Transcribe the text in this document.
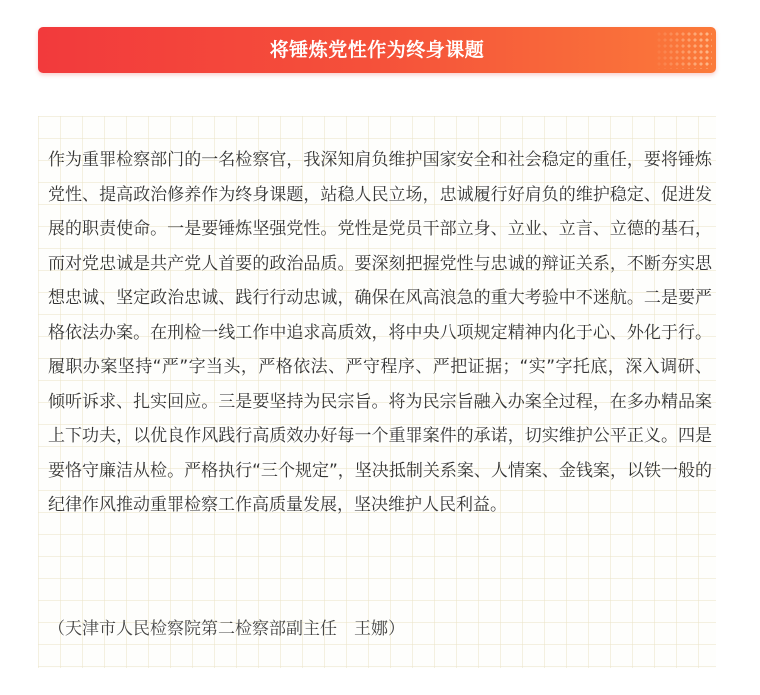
将锤炼党性作为终身课题

作为重罪检察部门的一名检察官，我深知肩负维护国家安全和社会稳定的重任，要将锤炼党性、提高政治修养作为终身课题，站稳人民立场，忠诚履行好肩负的维护稳定、促进发展的职责使命。一是要锤炼坚强党性。党性是党员干部立身、立业、立言、立德的基石，而对党忠诚是共产党人首要的政治品质。要深刻把握党性与忠诚的辩证关系，不断夯实思想忠诚、坚定政治忠诚、践行行动忠诚，确保在风高浪急的重大考验中不迷航。二是要严格依法办案。在刑检一线工作中追求高质效，将中央八项规定精神内化于心、外化于行。履职办案坚持“严”字当头，严格依法、严守程序、严把证据；“实”字托底，深入调研、倾听诉求、扎实回应。三是要坚持为民宗旨。将为民宗旨融入办案全过程，在多办精品案上下功夫，以优良作风践行高质效办好每一个重罪案件的承诺，切实维护公平正义。四是要恪守廉洁从检。严格执行“三个规定”，坚决抵制关系案、人情案、金钱案，以铁一般的纪律作风推动重罪检察工作高质量发展，坚决维护人民利益。

（天津市人民检察院第二检察部副主任　王娜）
